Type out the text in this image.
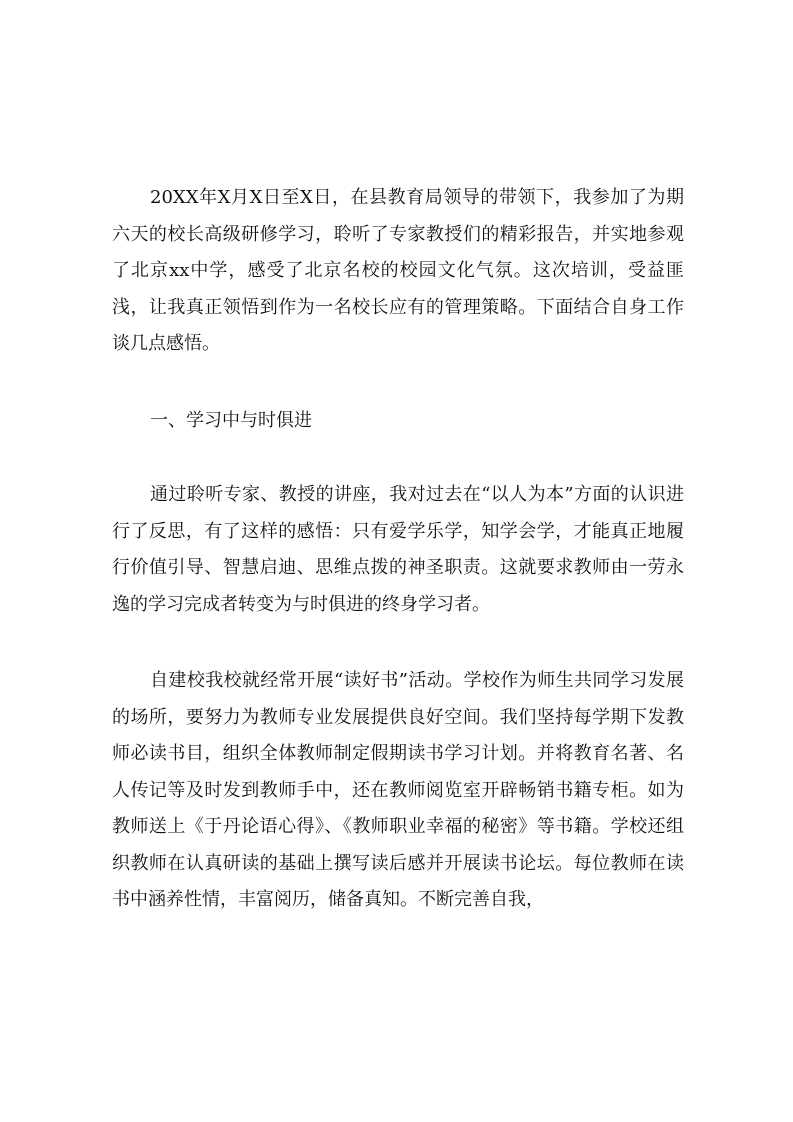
20XX年X月X日至X日，在县教育局领导的带领下，我参加了为期六天的校长高级研修学习，聆听了专家教授们的精彩报告，并实地参观了北京xx中学，感受了北京名校的校园文化气氛。这次培训，受益匪浅，让我真正领悟到作为一名校长应有的管理策略。下面结合自身工作谈几点感悟。

一、学习中与时俱进

通过聆听专家、教授的讲座，我对过去在“以人为本”方面的认识进行了反思，有了这样的感悟：只有爱学乐学，知学会学，才能真正地履行价值引导、智慧启迪、思维点拨的神圣职责。这就要求教师由一劳永逸的学习完成者转变为与时俱进的终身学习者。

自建校我校就经常开展“读好书”活动。学校作为师生共同学习发展的场所，要努力为教师专业发展提供良好空间。我们坚持每学期下发教师必读书目，组织全体教师制定假期读书学习计划。并将教育名著、名人传记等及时发到教师手中，还在教师阅览室开辟畅销书籍专柜。如为教师送上《于丹论语心得》、《教师职业幸福的秘密》等书籍。学校还组织教师在认真研读的基础上撰写读后感并开展读书论坛。每位教师在读书中涵养性情，丰富阅历，储备真知。不断完善自我，
